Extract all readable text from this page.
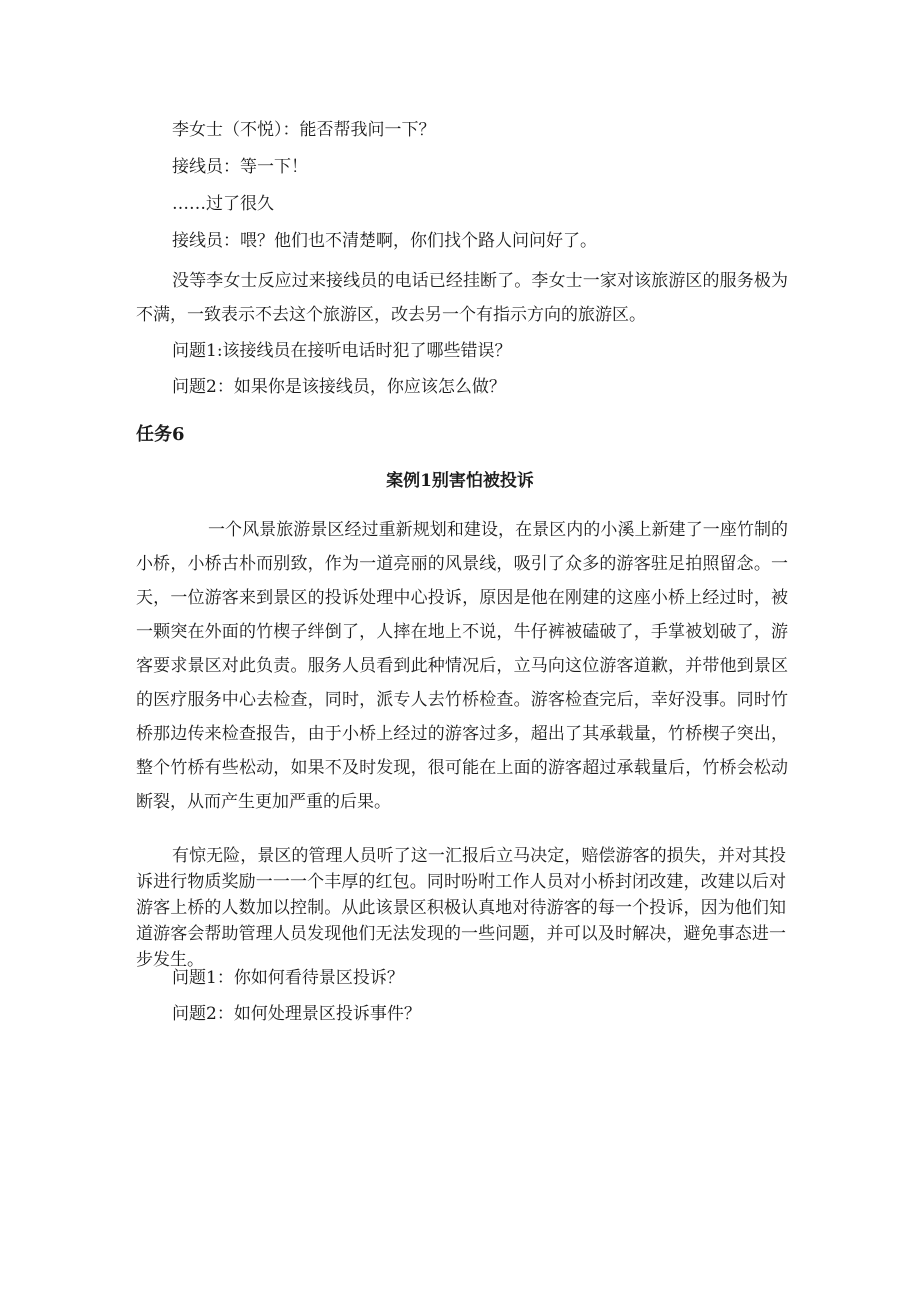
李女士（不悦）：能否帮我问一下？

接线员：等一下！

……过了很久

接线员：喂？他们也不清楚啊，你们找个路人问问好了。

没等李女士反应过来接线员的电话已经挂断了。李女士一家对该旅游区的服务极为不满，一致表示不去这个旅游区，改去另一个有指示方向的旅游区。

问题1:该接线员在接听电话时犯了哪些错误？

问题2：如果你是该接线员，你应该怎么做？

任务6
案例1别害怕被投诉

一个风景旅游景区经过重新规划和建设，在景区内的小溪上新建了一座竹制的小桥，小桥古朴而别致，作为一道亮丽的风景线，吸引了众多的游客驻足拍照留念。一天，一位游客来到景区的投诉处理中心投诉，原因是他在刚建的这座小桥上经过时，被一颗突在外面的竹楔子绊倒了，人摔在地上不说，牛仔裤被磕破了，手掌被划破了，游客要求景区对此负责。服务人员看到此种情况后，立马向这位游客道歉，并带他到景区的医疗服务中心去检查，同时，派专人去竹桥检查。游客检查完后，幸好没事。同时竹桥那边传来检查报告，由于小桥上经过的游客过多，超出了其承载量，竹桥楔子突出，整个竹桥有些松动，如果不及时发现，很可能在上面的游客超过承载量后，竹桥会松动断裂，从而产生更加严重的后果。

有惊无险，景区的管理人员听了这一汇报后立马决定，赔偿游客的损失，并对其投诉进行物质奖励一一一个丰厚的红包。同时吩咐工作人员对小桥封闭改建，改建以后对游客上桥的人数加以控制。从此该景区积极认真地对待游客的每一个投诉，因为他们知道游客会帮助管理人员发现他们无法发现的一些问题，并可以及时解决，避免事态进一步发生。

问题1：你如何看待景区投诉？

问题2：如何处理景区投诉事件？
